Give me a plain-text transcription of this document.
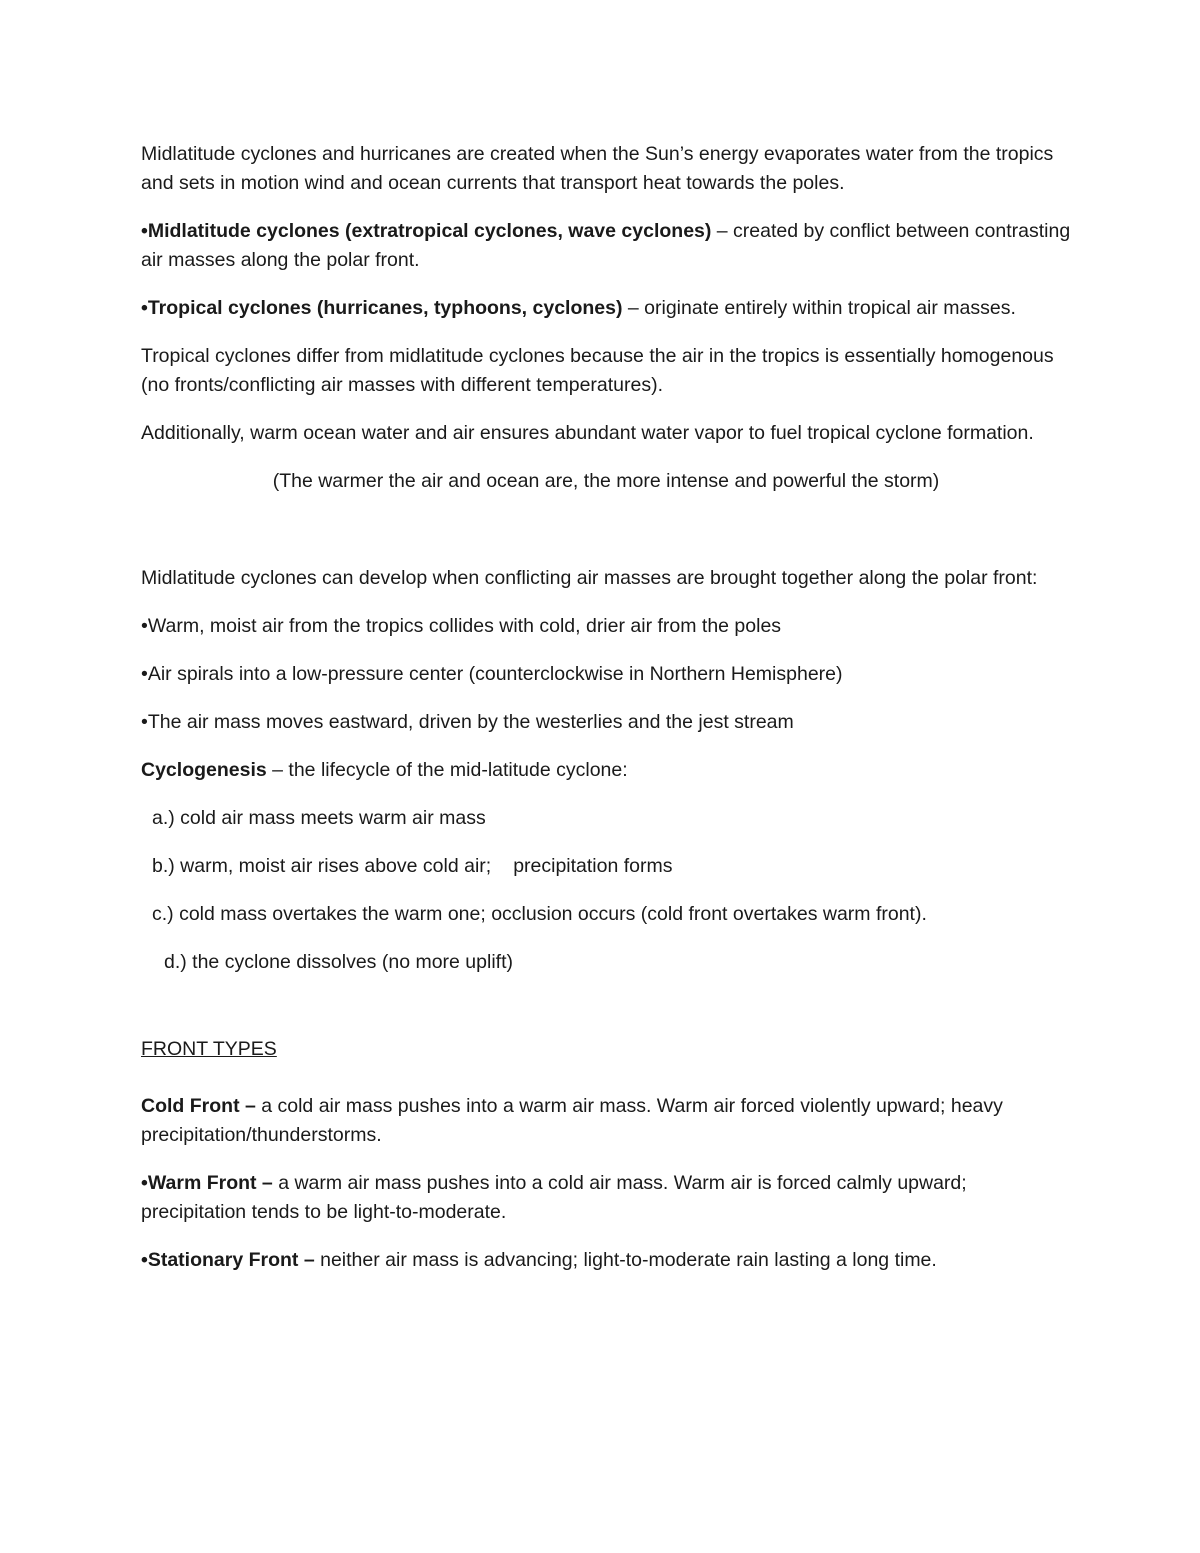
Midlatitude cyclones and hurricanes are created when the Sun’s energy evaporates water from the tropics and sets in motion wind and ocean currents that transport heat towards the poles.

•Midlatitude cyclones (extratropical cyclones, wave cyclones) – created by conflict between contrasting air masses along the polar front.

•Tropical cyclones (hurricanes, typhoons, cyclones) – originate entirely within tropical air masses.

Tropical cyclones differ from midlatitude cyclones because the air in the tropics is essentially homogenous (no fronts/conflicting air masses with different temperatures).

Additionally, warm ocean water and air ensures abundant water vapor to fuel tropical cyclone formation.

(The warmer the air and ocean are, the more intense and powerful the storm)

Midlatitude cyclones can develop when conflicting air masses are brought together along the polar front:

•Warm, moist air from the tropics collides with cold, drier air from the poles

•Air spirals into a low-pressure center (counterclockwise in Northern Hemisphere)

•The air mass moves eastward, driven by the westerlies and the jest stream

Cyclogenesis – the lifecycle of the mid-latitude cyclone:

a.) cold air mass meets warm air mass

b.) warm, moist air rises above cold air; precipitation forms

c.) cold mass overtakes the warm one; occlusion occurs (cold front overtakes warm front).

d.) the cyclone dissolves (no more uplift)

FRONT TYPES

Cold Front – a cold air mass pushes into a warm air mass. Warm air forced violently upward; heavy precipitation/thunderstorms.

•Warm Front – a warm air mass pushes into a cold air mass. Warm air is forced calmly upward; precipitation tends to be light-to-moderate.

•Stationary Front – neither air mass is advancing; light-to-moderate rain lasting a long time.
